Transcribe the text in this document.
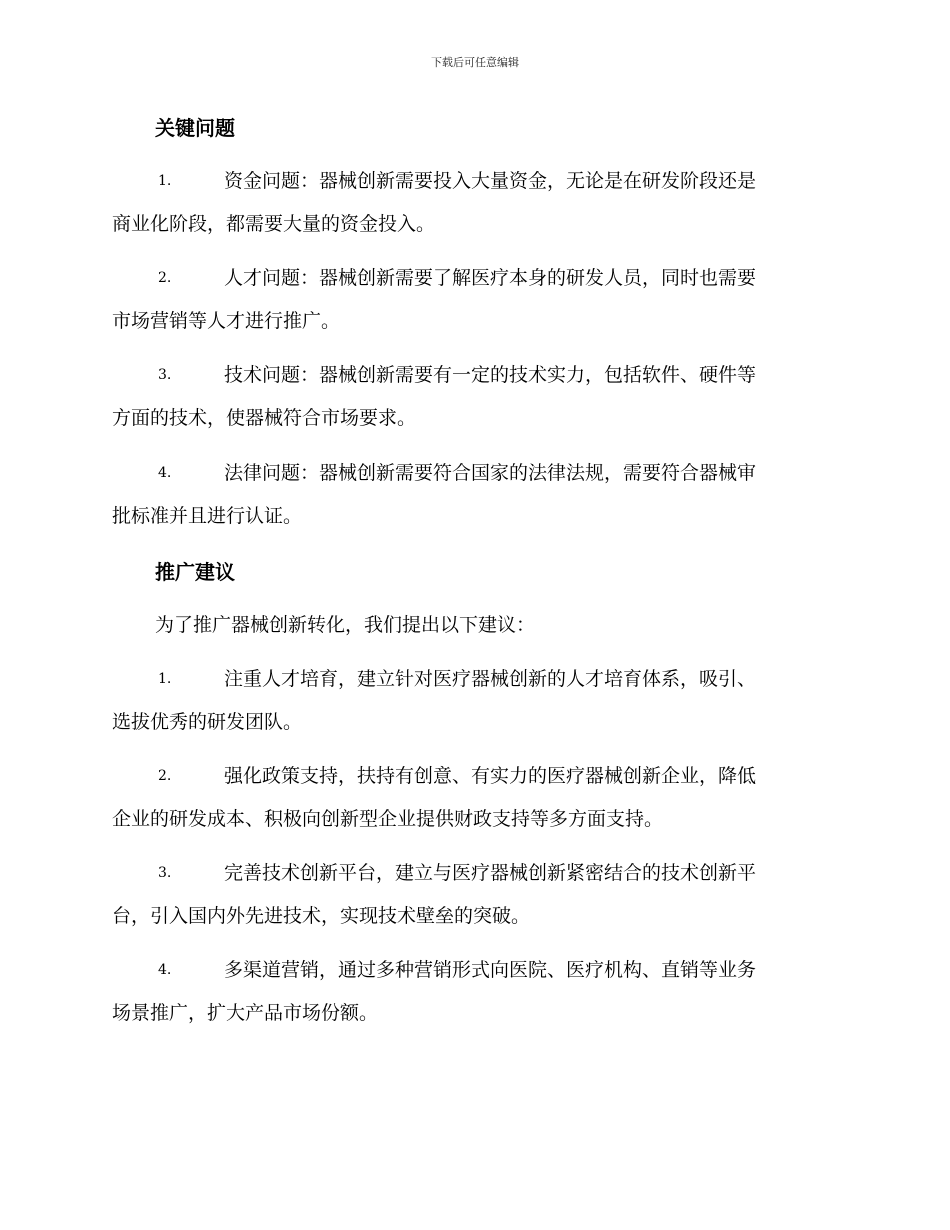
下载后可任意编辑
关键问题
1.	资金问题：器械创新需要投入大量资金，无论是在研发阶段还是
商业化阶段，都需要大量的资金投入。
2.	人才问题：器械创新需要了解医疗本身的研发人员，同时也需要
市场营销等人才进行推广。
3.	技术问题：器械创新需要有一定的技术实力，包括软件、硬件等
方面的技术，使器械符合市场要求。
4.	法律问题：器械创新需要符合国家的法律法规，需要符合器械审
批标准并且进行认证。
推广建议
为了推广器械创新转化，我们提出以下建议：
1.	注重人才培育，建立针对医疗器械创新的人才培育体系，吸引、
选拔优秀的研发团队。
2.	强化政策支持，扶持有创意、有实力的医疗器械创新企业，降低
企业的研发成本、积极向创新型企业提供财政支持等多方面支持。
3.	完善技术创新平台，建立与医疗器械创新紧密结合的技术创新平
台，引入国内外先进技术，实现技术壁垒的突破。
4.	多渠道营销，通过多种营销形式向医院、医疗机构、直销等业务
场景推广，扩大产品市场份额。
